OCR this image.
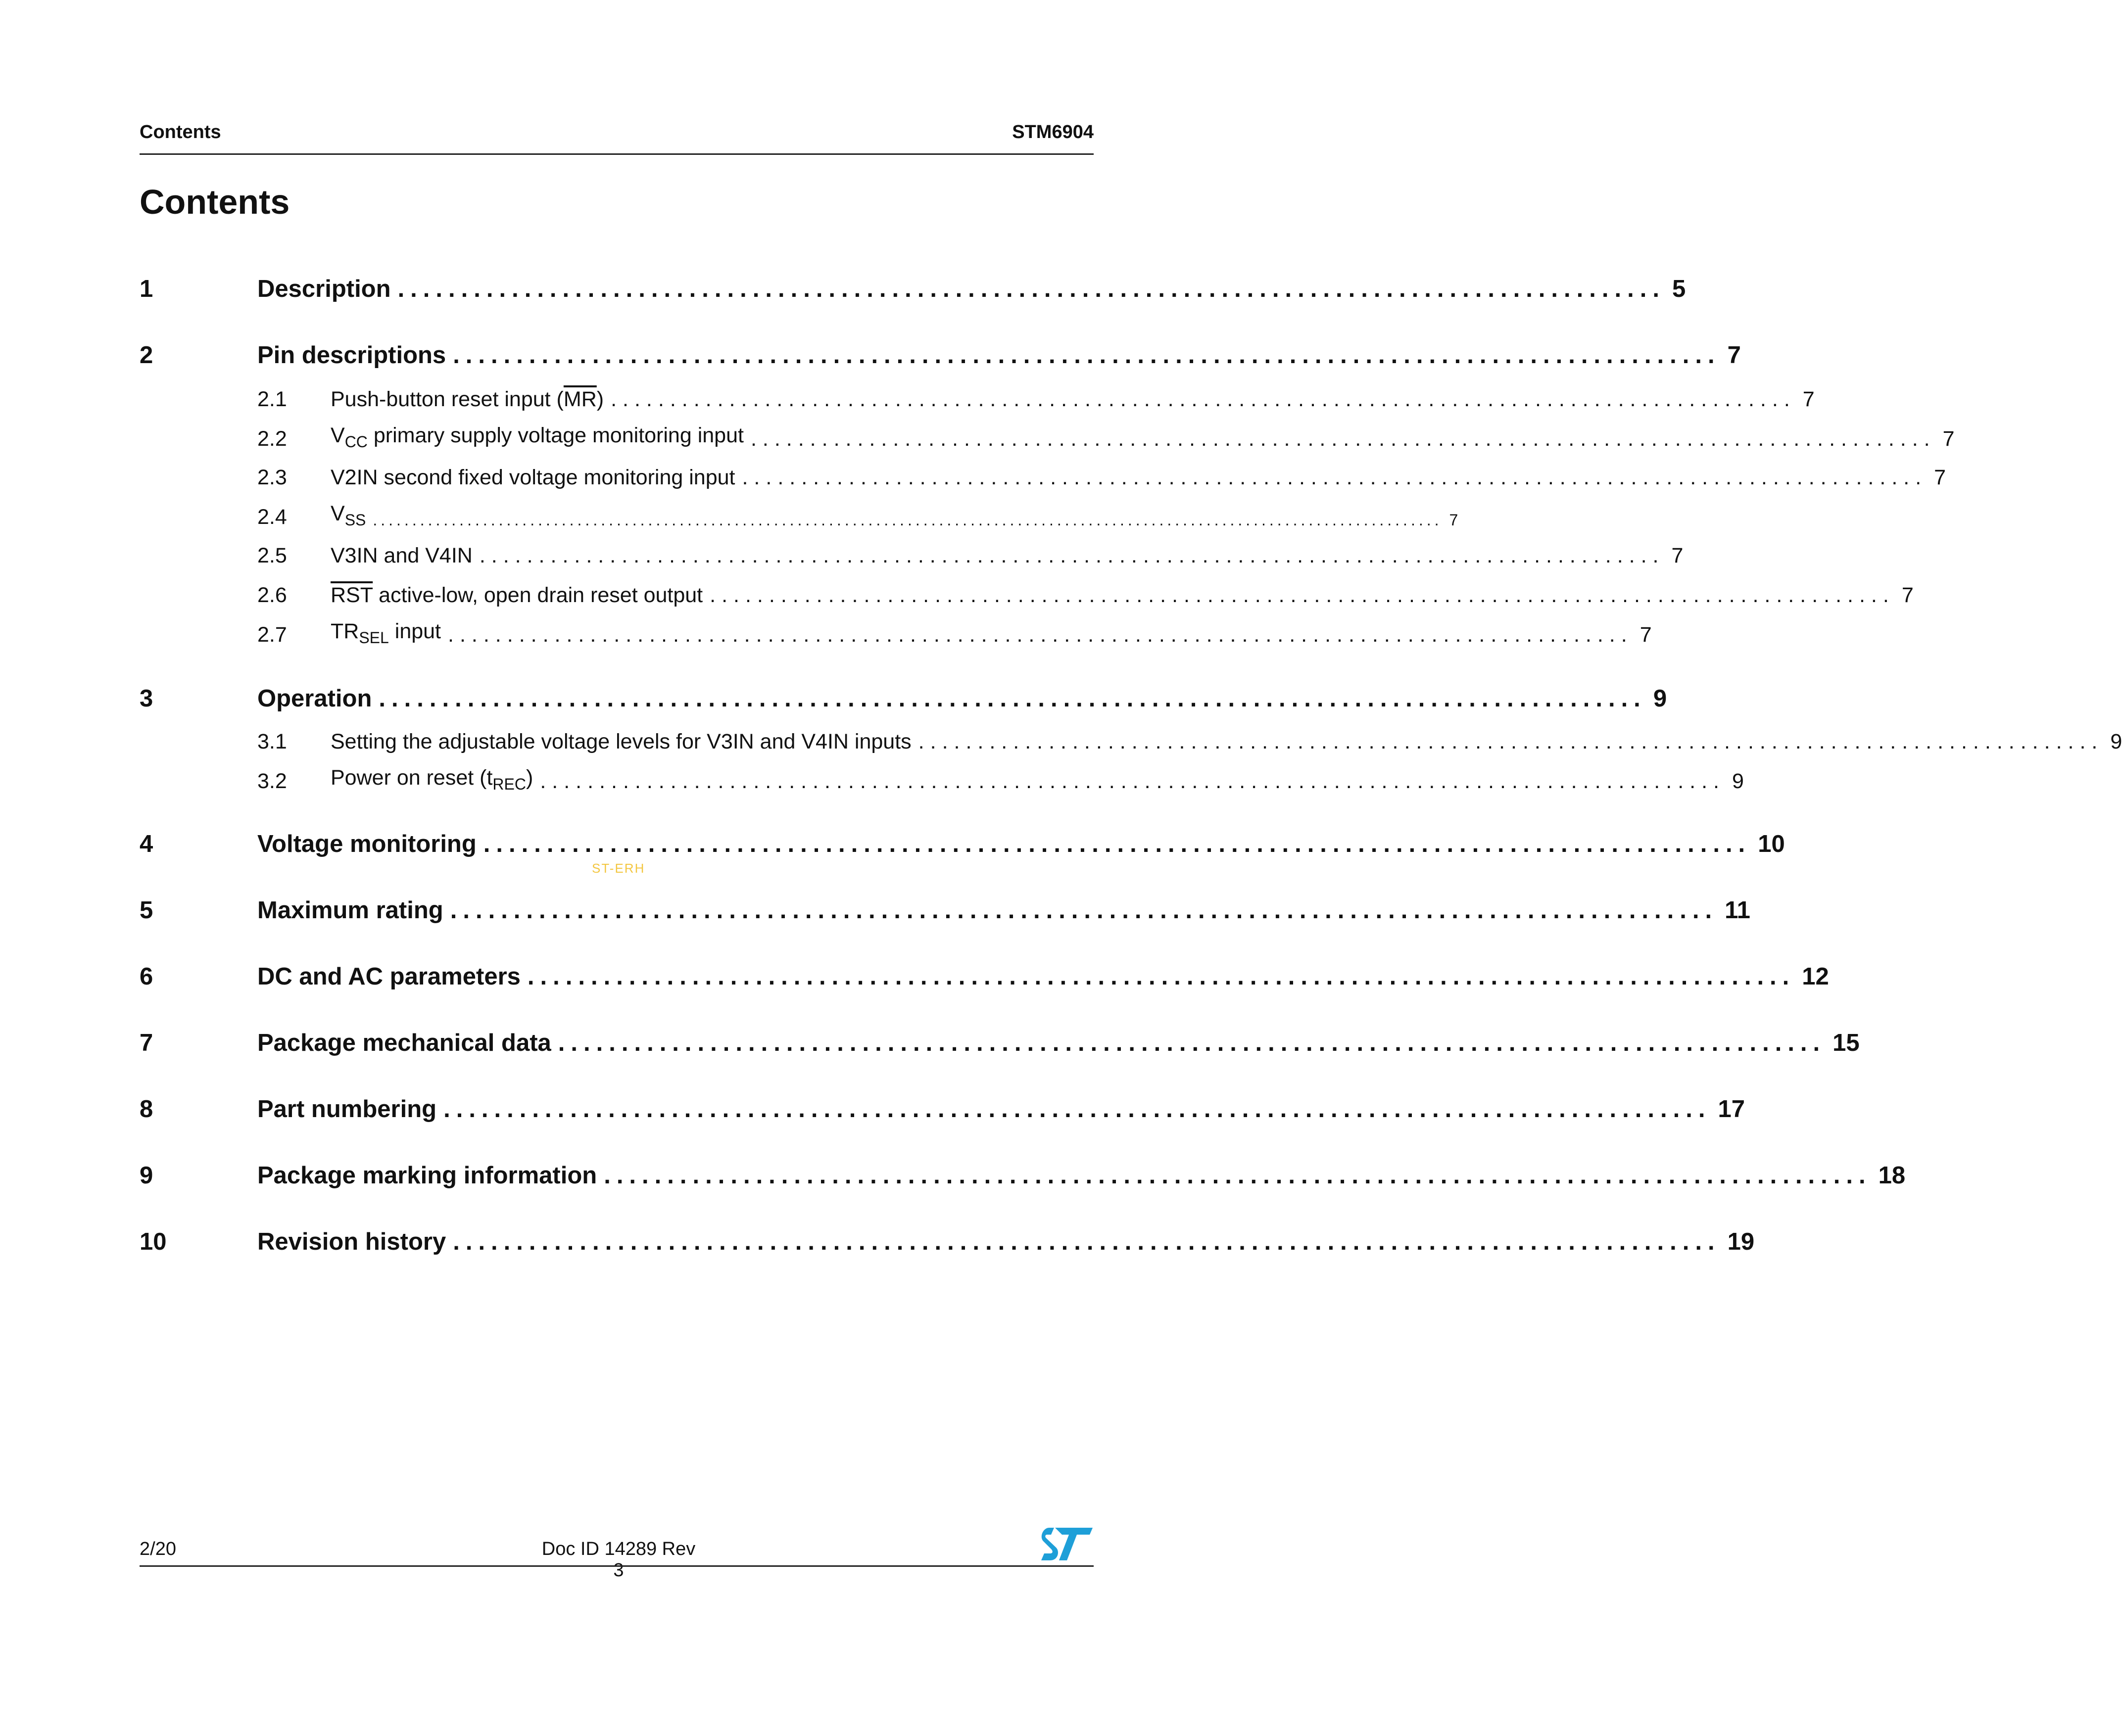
Contents	STM6904
Contents
1	Description .................................................................................................... 5
2	Pin descriptions .................................................................................................... 7
2.1 Push-button reset input $(\overline{MR})$ .................................................................................................... 7
2.2 $V_{CC}$ primary supply voltage monitoring input .................................................................................................... 7
2.3 V2IN second fixed voltage monitoring input .................................................................................................... 7
2.4 $V_{SS}$ ........................................................................................................................................ 7
2.5 V3IN and V4IN .................................................................................................... 7
2.6 $\overline{RST}$ active-low, open drain reset output .................................................................................................... 7
2.7 $TR_{SEL}$ input .................................................................................................... 7
3	Operation .................................................................................................... 9
3.1 Setting the adjustable voltage levels for V3IN and V4IN inputs .................................................................................................... 9
3.2 Power on reset $(t_{REC})$ .................................................................................................... 9
4	Voltage monitoring .................................................................................................... 10
5	Maximum rating .................................................................................................... 11
6	DC and AC parameters .................................................................................................... 12
7	Package mechanical data .................................................................................................... 15
8	Part numbering .................................................................................................... 17
9	Package marking information .................................................................................................... 18
10	Revision history .................................................................................................... 19
ST-ERH
2/20	Doc ID 14289 Rev 3
